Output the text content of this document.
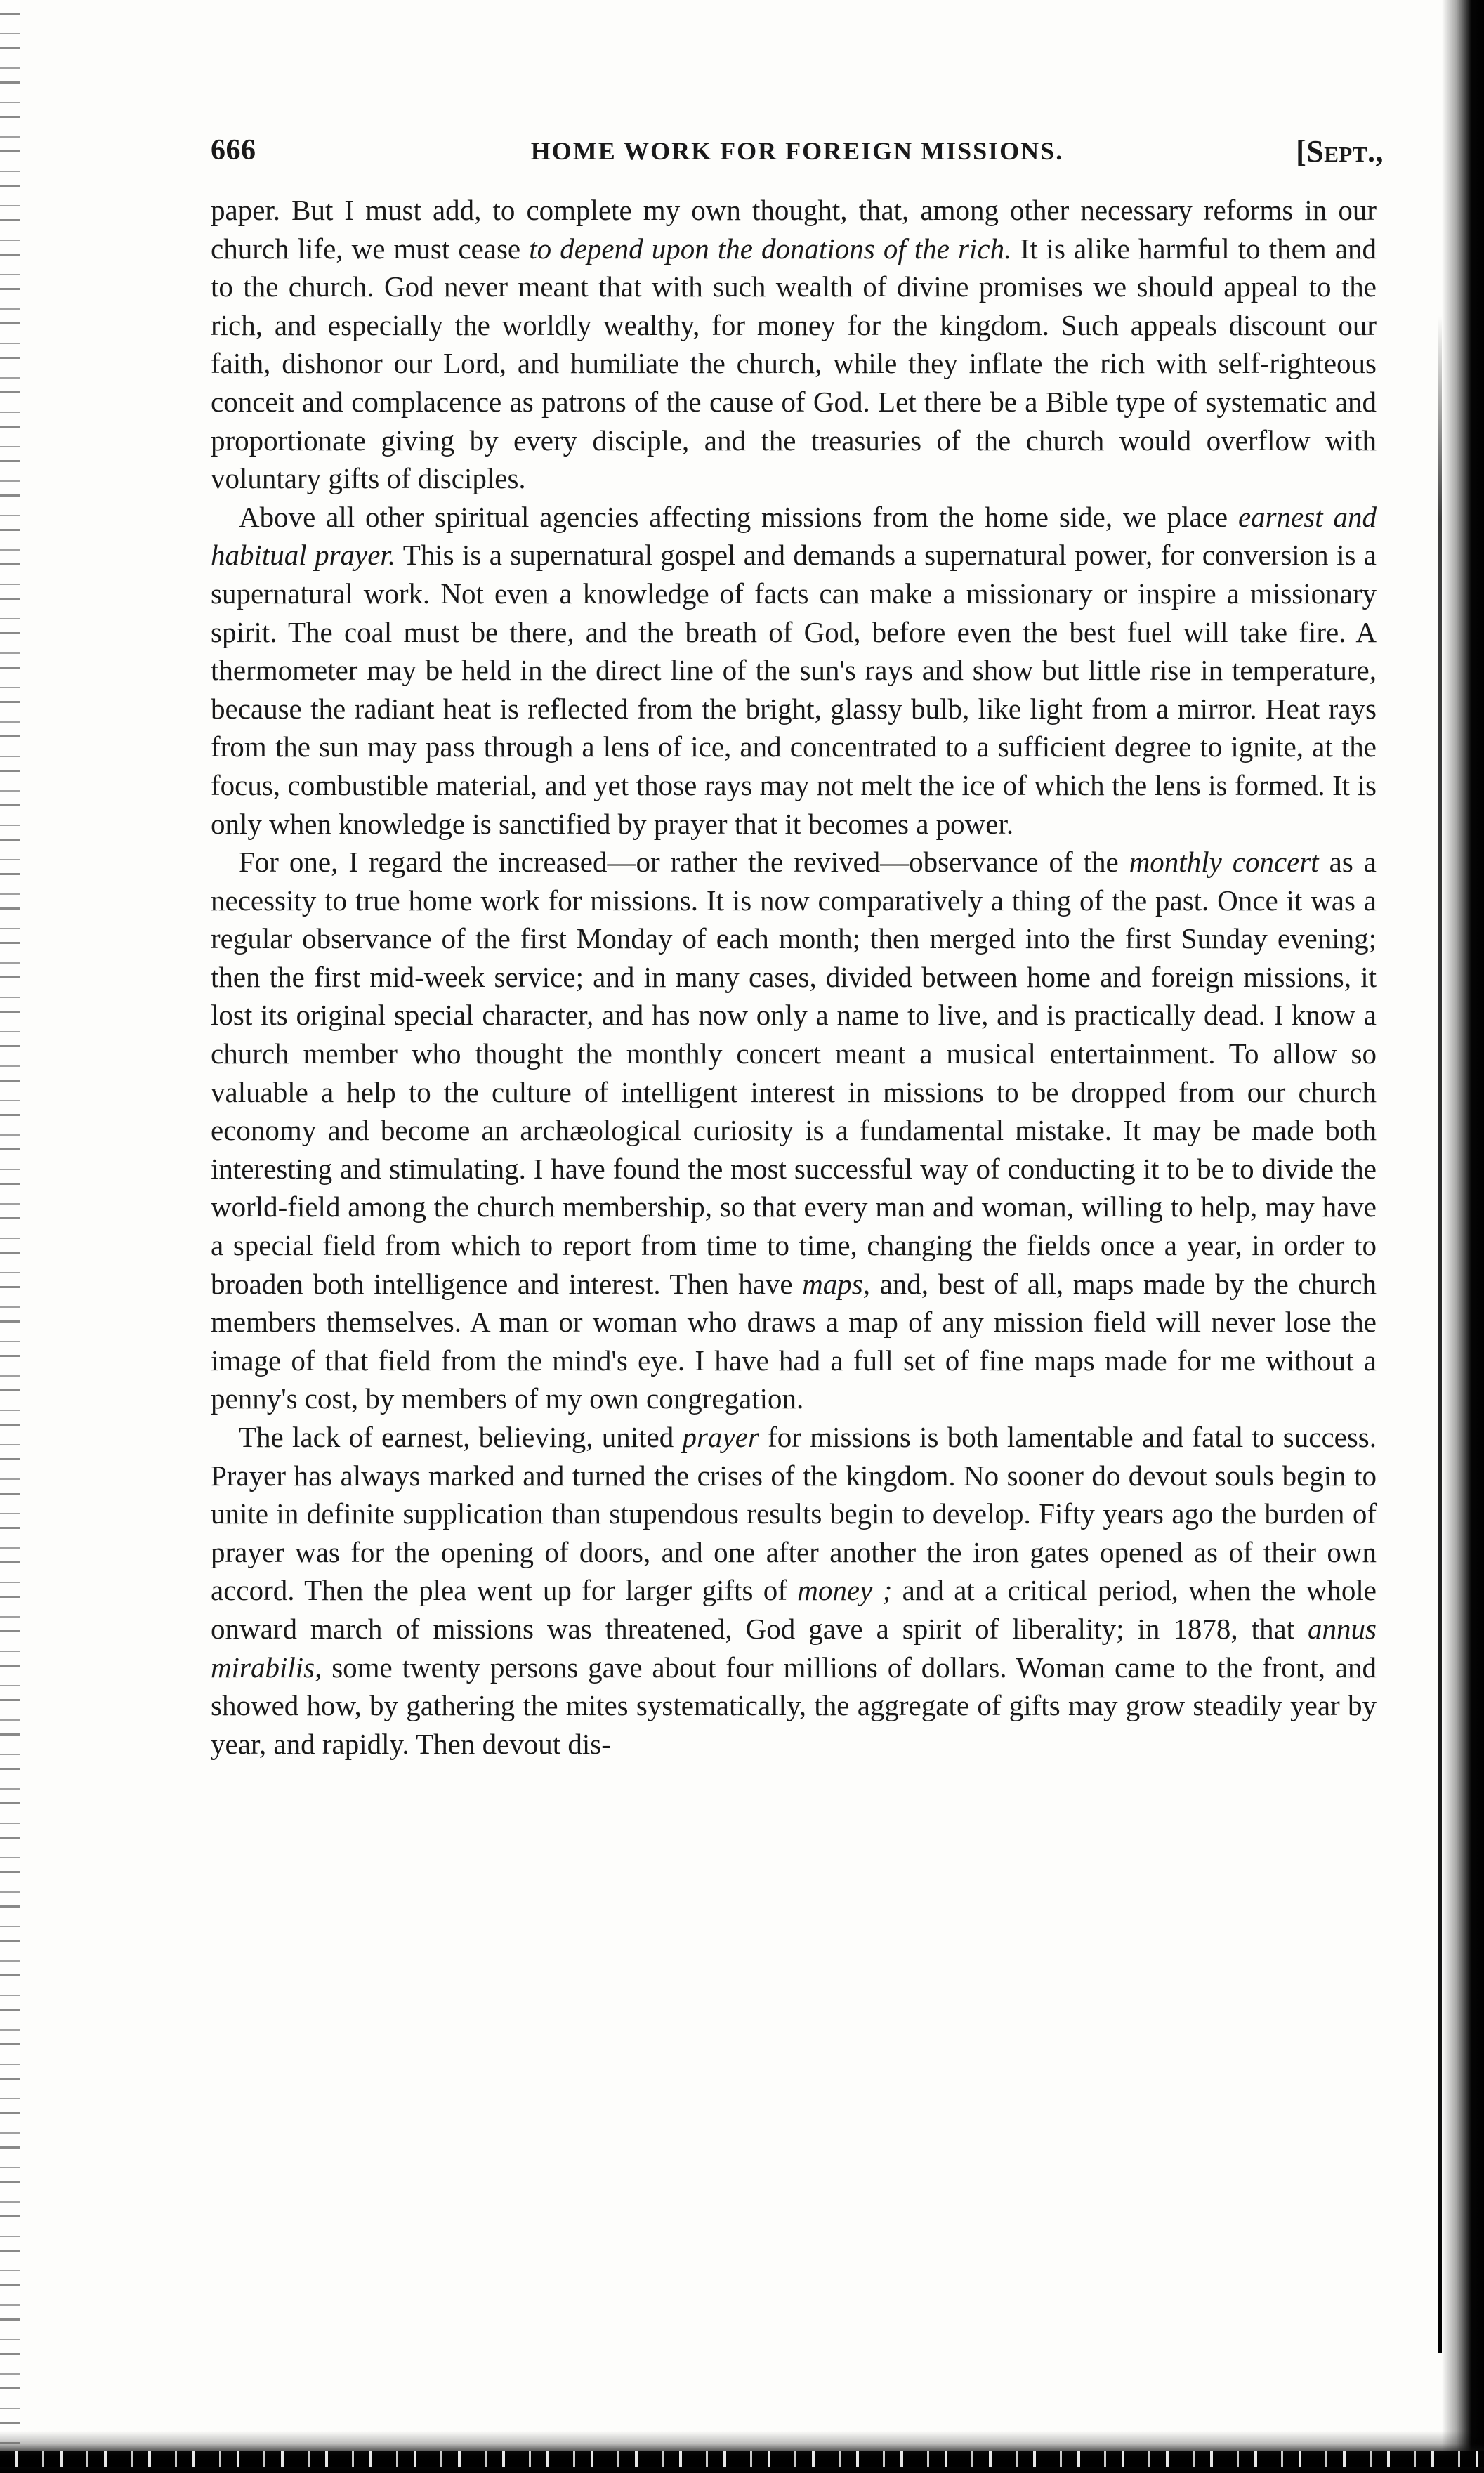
666	HOME WORK FOR FOREIGN MISSIONS.	[Sept.,

paper. But I must add, to complete my own thought, that, among other necessary reforms in our church life, we must cease to depend upon the donations of the rich. It is alike harmful to them and to the church. God never meant that with such wealth of divine promises we should appeal to the rich, and especially the worldly wealthy, for money for the kingdom. Such appeals discount our faith, dishonor our Lord, and humiliate the church, while they inflate the rich with self-righteous conceit and complacence as patrons of the cause of God. Let there be a Bible type of systematic and proportionate giving by every disciple, and the treasuries of the church would overflow with voluntary gifts of disciples.

Above all other spiritual agencies affecting missions from the home side, we place earnest and habitual prayer. This is a supernatural gospel and demands a supernatural power, for conversion is a supernatural work. Not even a knowledge of facts can make a missionary or inspire a missionary spirit. The coal must be there, and the breath of God, before even the best fuel will take fire. A thermometer may be held in the direct line of the sun's rays and show but little rise in temperature, because the radiant heat is reflected from the bright, glassy bulb, like light from a mirror. Heat rays from the sun may pass through a lens of ice, and concentrated to a sufficient degree to ignite, at the focus, combustible material, and yet those rays may not melt the ice of which the lens is formed. It is only when knowledge is sanctified by prayer that it becomes a power.

For one, I regard the increased—or rather the revived—observance of the monthly concert as a necessity to true home work for missions. It is now comparatively a thing of the past. Once it was a regular observance of the first Monday of each month; then merged into the first Sunday evening; then the first mid-week service; and in many cases, divided between home and foreign missions, it lost its original special character, and has now only a name to live, and is practically dead. I know a church member who thought the monthly concert meant a musical entertainment. To allow so valuable a help to the culture of intelligent interest in missions to be dropped from our church economy and become an archæological curiosity is a fundamental mistake. It may be made both interesting and stimulating. I have found the most successful way of conducting it to be to divide the world-field among the church membership, so that every man and woman, willing to help, may have a special field from which to report from time to time, changing the fields once a year, in order to broaden both intelligence and interest. Then have maps, and, best of all, maps made by the church members themselves. A man or woman who draws a map of any mission field will never lose the image of that field from the mind's eye. I have had a full set of fine maps made for me without a penny's cost, by members of my own congregation.

The lack of earnest, believing, united prayer for missions is both lamentable and fatal to success. Prayer has always marked and turned the crises of the kingdom. No sooner do devout souls begin to unite in definite supplication than stupendous results begin to develop. Fifty years ago the burden of prayer was for the opening of doors, and one after another the iron gates opened as of their own accord. Then the plea went up for larger gifts of money ; and at a critical period, when the whole onward march of missions was threatened, God gave a spirit of liberality; in 1878, that annus mirabilis, some twenty persons gave about four millions of dollars. Woman came to the front, and showed how, by gathering the mites systematically, the aggregate of gifts may grow steadily year by year, and rapidly. Then devout dis-
